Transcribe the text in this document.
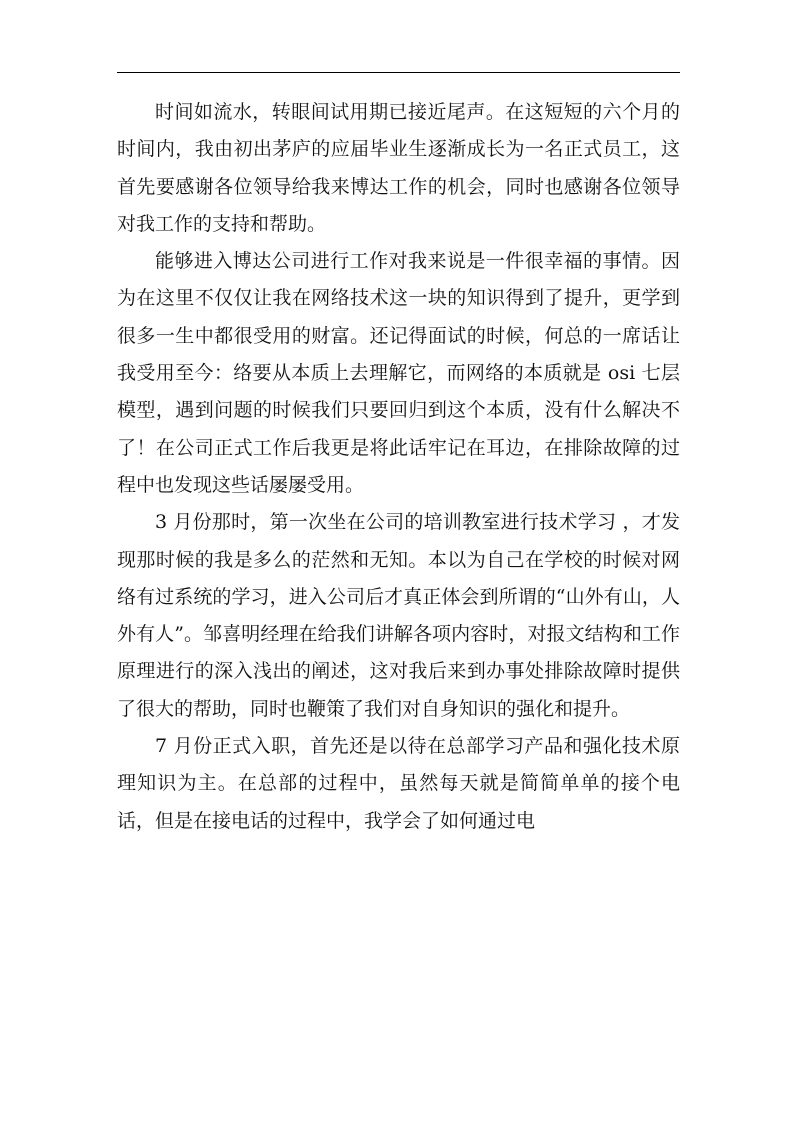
时间如流水，转眼间试用期已接近尾声。在这短短的六个月的时间内，我由初出茅庐的应届毕业生逐渐成长为一名正式员工，这首先要感谢各位领导给我来博达工作的机会，同时也感谢各位领导对我工作的支持和帮助。

能够进入博达公司进行工作对我来说是一件很幸福的事情。因为在这里不仅仅让我在网络技术这一块的知识得到了提升，更学到很多一生中都很受用的财富。还记得面试的时候，何总的一席话让我受用至今：络要从本质上去理解它，而网络的本质就是 osi 七层模型，遇到问题的时候我们只要回归到这个本质，没有什么解决不了！在公司正式工作后我更是将此话牢记在耳边，在排除故障的过程中也发现这些话屡屡受用。

3 月份那时，第一次坐在公司的培训教室进行技术学习 ，才发现那时候的我是多么的茫然和无知。本以为自己在学校的时候对网络有过系统的学习，进入公司后才真正体会到所谓的“山外有山，人外有人”。邹喜明经理在给我们讲解各项内容时，对报文结构和工作原理进行的深入浅出的阐述，这对我后来到办事处排除故障时提供了很大的帮助，同时也鞭策了我们对自身知识的强化和提升。

7 月份正式入职，首先还是以待在总部学习产品和强化技术原理知识为主。在总部的过程中，虽然每天就是简简单单的接个电话，但是在接电话的过程中，我学会了如何通过电
